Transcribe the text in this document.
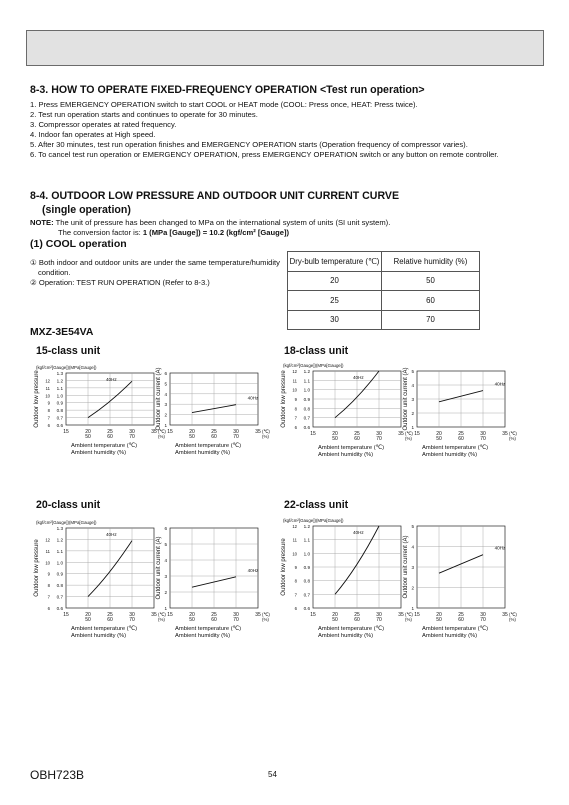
8-3. HOW TO OPERATE FIXED-FREQUENCY OPERATION <Test run operation>
1. Press EMERGENCY OPERATION switch to start COOL or HEAT mode (COOL: Press once, HEAT: Press twice).
2. Test run operation starts and continues to operate for 30 minutes.
3. Compressor operates at rated frequency.
4. Indoor fan operates at High speed.
5. After 30 minutes, test run operation finishes and EMERGENCY OPERATION starts (Operation frequency of compressor varies).
6. To cancel test run operation or EMERGENCY OPERATION, press EMERGENCY OPERATION switch or any button on remote controller.
8-4. OUTDOOR LOW PRESSURE AND OUTDOOR UNIT CURRENT CURVE
(single operation)
NOTE: The unit of pressure has been changed to MPa on the international system of units (SI unit system).
The conversion factor is: 1 (MPa [Gauge]) = 10.2 (kgf/cm² [Gauge])
(1) COOL operation
① Both indoor and outdoor units are under the same temperature/humidity condition.
② Operation: TEST RUN OPERATION (Refer to 8-3.)
Dry-bulb temperature (℃)	Relative humidity (%)
20	50
25	60
30	70
MXZ-3E54VA
15-class unit	18-class unit
20-class unit	22-class unit
0.6
6
0.7
7
0.8
8
0.9
9
1.0
10
1.1
11
1.2
12
1.3
Outdoor low pressure
(kgf/cm²[Gauge])(MPa[Gauge])
15	20	25	30	35
50	60	70
(℃)
(%)
Ambient temperature (℃)
Ambient humidity (%)
40Hz
1
2
3
4
5
6
Outdoor unit current (A)
15	20	25	30	35
50	60	70
(℃)
(%)
Ambient temperature (℃)
Ambient humidity (%)
40Hz
0.6
6
0.7
7
0.8
8
0.9
9
1.0
10
1.1
11
1.2
12
Outdoor low pressure
(kgf/cm²[Gauge])(MPa[Gauge])
15	20	25	30	35
50	60	70
(℃)
(%)
Ambient temperature (℃)
Ambient humidity (%)
40Hz
1
2
3
4
5
Outdoor unit current (A)
15	20	25	30	35
50	60	70
(℃)
(%)
Ambient temperature (℃)
Ambient humidity (%)
40Hz
0.6
6
0.7
7
0.8
8
0.9
9
1.0
10
1.1
11
1.2
12
1.3
Outdoor low pressure
(kgf/cm²[Gauge])(MPa[Gauge])
15	20	25	30	35
50	60	70
(℃)
(%)
Ambient temperature (℃)
Ambient humidity (%)
40Hz
1
2
3
4
5
6
Outdoor unit current (A)
15	20	25	30	35
50	60	70
(℃)
(%)
Ambient temperature (℃)
Ambient humidity (%)
40Hz
0.6
6
0.7
7
0.8
8
0.9
9
1.0
10
1.1
11
1.2
12
Outdoor low pressure
(kgf/cm²[Gauge])(MPa[Gauge])
15	20	25	30	35
50	60	70
(℃)
(%)
Ambient temperature (℃)
Ambient humidity (%)
40Hz
1
2
3
4
5
Outdoor unit current (A)
15	20	25	30	35
50	60	70
(℃)
(%)
Ambient temperature (℃)
Ambient humidity (%)
40Hz
OBH723B	54
